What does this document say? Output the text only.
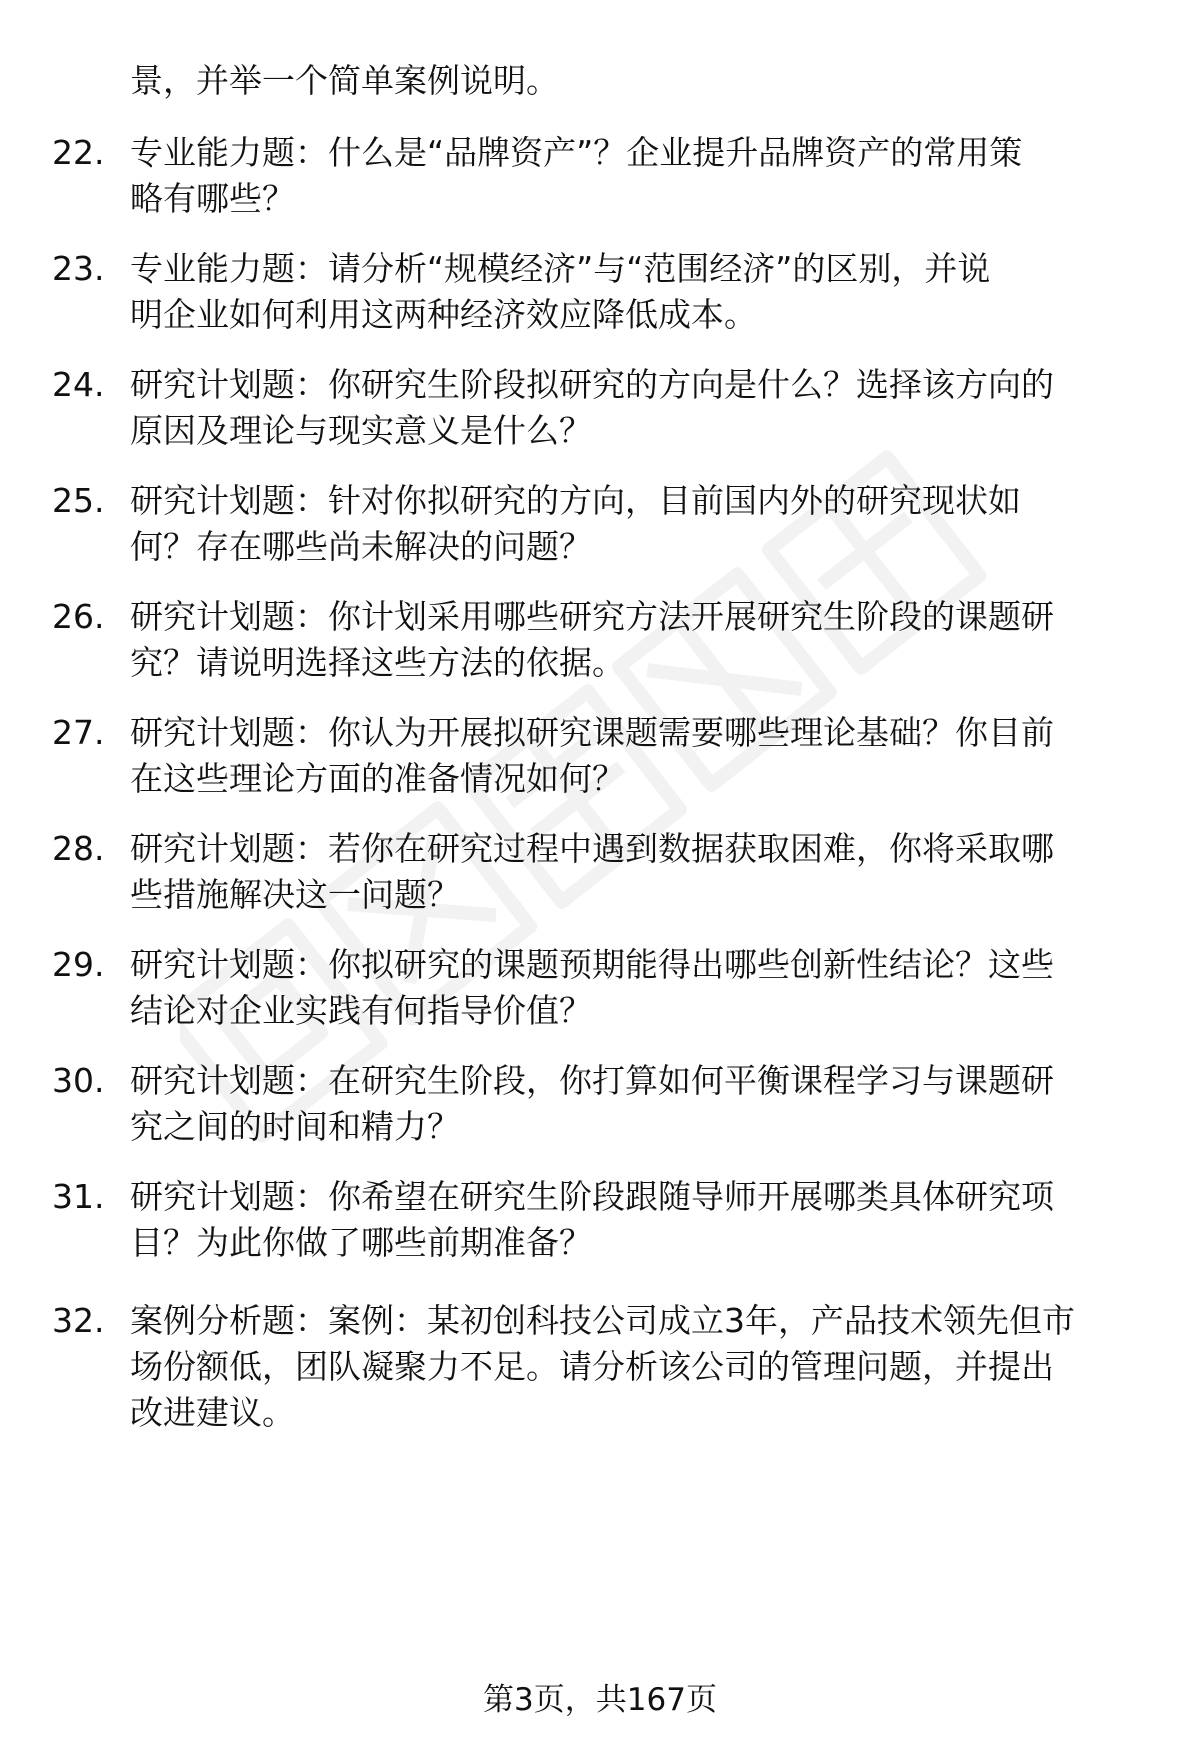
景，并举一个简单案例说明。
22. 专业能力题：什么是“品牌资产”？企业提升品牌资产的常用策
略有哪些？
23. 专业能力题：请分析“规模经济”与“范围经济”的区别，并说
明企业如何利用这两种经济效应降低成本。
24. 研究计划题：你研究生阶段拟研究的方向是什么？选择该方向的
原因及理论与现实意义是什么？
25. 研究计划题：针对你拟研究的方向，目前国内外的研究现状如
何？存在哪些尚未解决的问题？
26. 研究计划题：你计划采用哪些研究方法开展研究生阶段的课题研
究？请说明选择这些方法的依据。
27. 研究计划题：你认为开展拟研究课题需要哪些理论基础？你目前
在这些理论方面的准备情况如何？
28. 研究计划题：若你在研究过程中遇到数据获取困难，你将采取哪
些措施解决这一问题？
29. 研究计划题：你拟研究的课题预期能得出哪些创新性结论？这些
结论对企业实践有何指导价值？
30. 研究计划题：在研究生阶段，你打算如何平衡课程学习与课题研
究之间的时间和精力？
31. 研究计划题：你希望在研究生阶段跟随导师开展哪类具体研究项
目？为此你做了哪些前期准备？
32. 案例分析题：案例：某初创科技公司成立3年，产品技术领先但市
场份额低，团队凝聚力不足。请分析该公司的管理问题，并提出
改进建议。
第3页，共167页
